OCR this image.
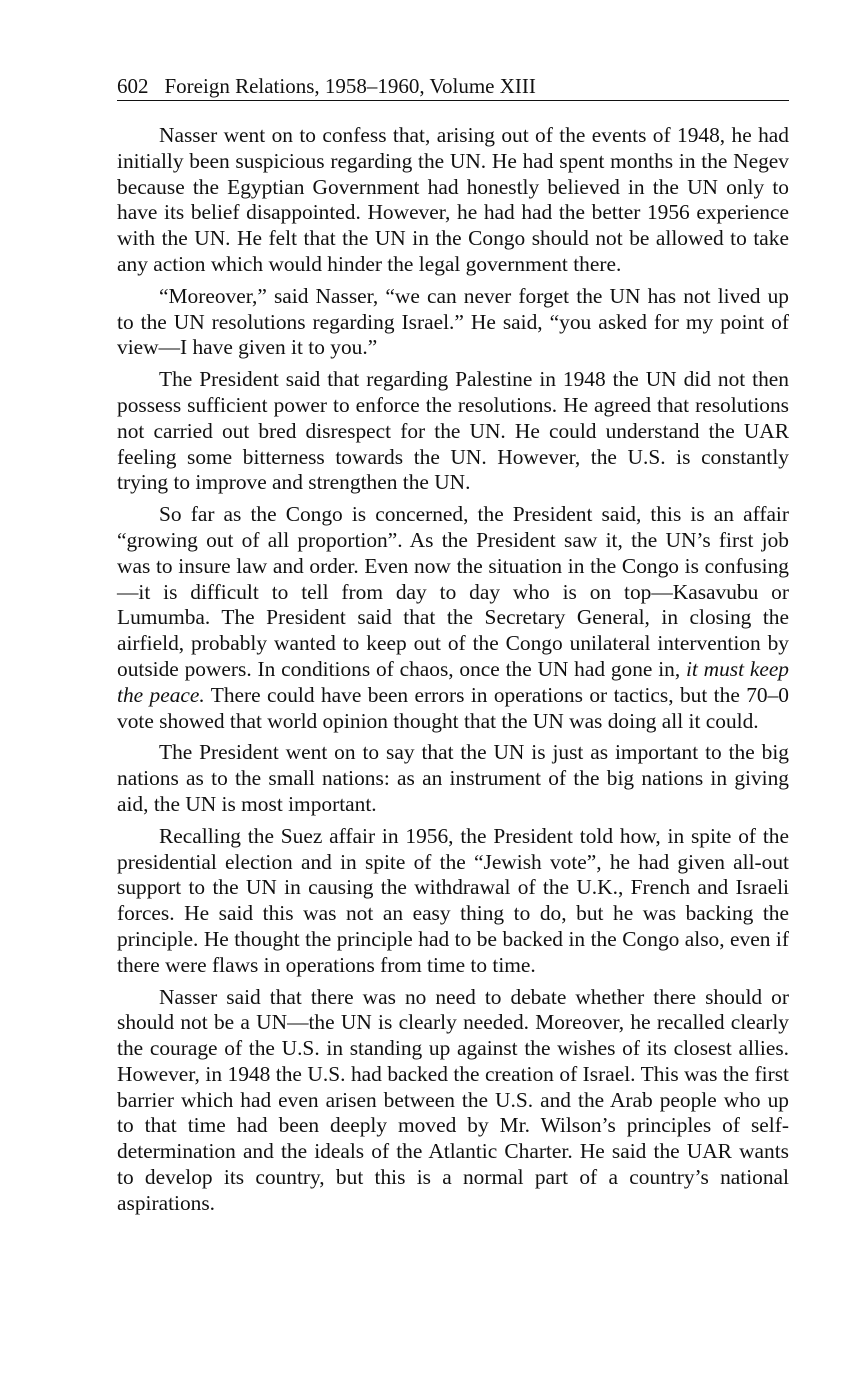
602 Foreign Relations, 1958–1960, Volume XIII

Nasser went on to confess that, arising out of the events of 1948, he had initially been suspicious regarding the UN. He had spent months in the Negev because the Egyptian Government had honestly believed in the UN only to have its belief disappointed. However, he had had the better 1956 experience with the UN. He felt that the UN in the Congo should not be allowed to take any action which would hinder the legal government there.

“Moreover,” said Nasser, “we can never forget the UN has not lived up to the UN resolutions regarding Israel.” He said, “you asked for my point of view—I have given it to you.”

The President said that regarding Palestine in 1948 the UN did not then possess sufficient power to enforce the resolutions. He agreed that resolutions not carried out bred disrespect for the UN. He could understand the UAR feeling some bitterness towards the UN. However, the U.S. is constantly trying to improve and strengthen the UN.

So far as the Congo is concerned, the President said, this is an affair “growing out of all proportion”. As the President saw it, the UN’s first job was to insure law and order. Even now the situation in the Congo is confusing—it is difficult to tell from day to day who is on top—Kasavubu or Lumumba. The President said that the Secretary General, in closing the airfield, probably wanted to keep out of the Congo unilateral intervention by outside powers. In conditions of chaos, once the UN had gone in, it must keep the peace. There could have been errors in operations or tactics, but the 70–0 vote showed that world opinion thought that the UN was doing all it could.

The President went on to say that the UN is just as important to the big nations as to the small nations: as an instrument of the big nations in giving aid, the UN is most important.

Recalling the Suez affair in 1956, the President told how, in spite of the presidential election and in spite of the “Jewish vote”, he had given all-out support to the UN in causing the withdrawal of the U.K., French and Israeli forces. He said this was not an easy thing to do, but he was backing the principle. He thought the principle had to be backed in the Congo also, even if there were flaws in operations from time to time.

Nasser said that there was no need to debate whether there should or should not be a UN—the UN is clearly needed. Moreover, he recalled clearly the courage of the U.S. in standing up against the wishes of its closest allies. However, in 1948 the U.S. had backed the creation of Israel. This was the first barrier which had even arisen between the U.S. and the Arab people who up to that time had been deeply moved by Mr. Wilson’s principles of self-determination and the ideals of the Atlantic Charter. He said the UAR wants to develop its country, but this is a normal part of a country’s national aspirations.
